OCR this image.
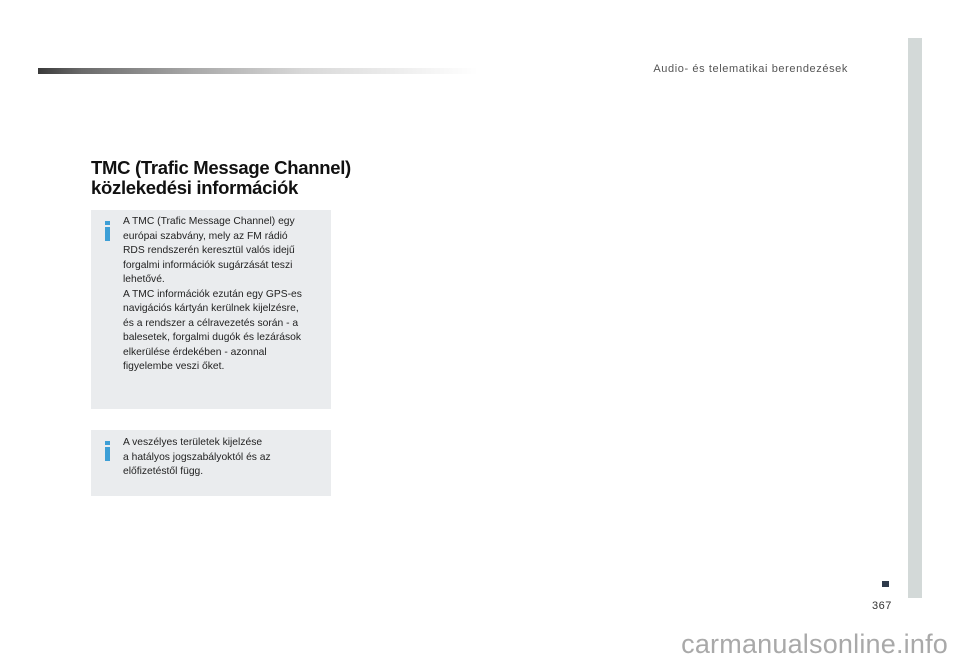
Audio- és telematikai berendezések
TMC (Trafic Message Channel)
közlekedési információk

A TMC (Trafic Message Channel) egy

európai szabvány, mely az FM rádió

RDS rendszerén keresztül valós idejű

forgalmi információk sugárzását teszi

lehetővé.

A TMC információk ezután egy GPS-es

navigációs kártyán kerülnek kijelzésre,

és a rendszer a célravezetés során - a

balesetek, forgalmi dugók és lezárások

elkerülése érdekében - azonnal

figyelembe veszi őket.

A veszélyes területek kijelzése

a hatályos jogszabályoktól és az

előfizetéstől függ.

367
carmanualsonline.info
